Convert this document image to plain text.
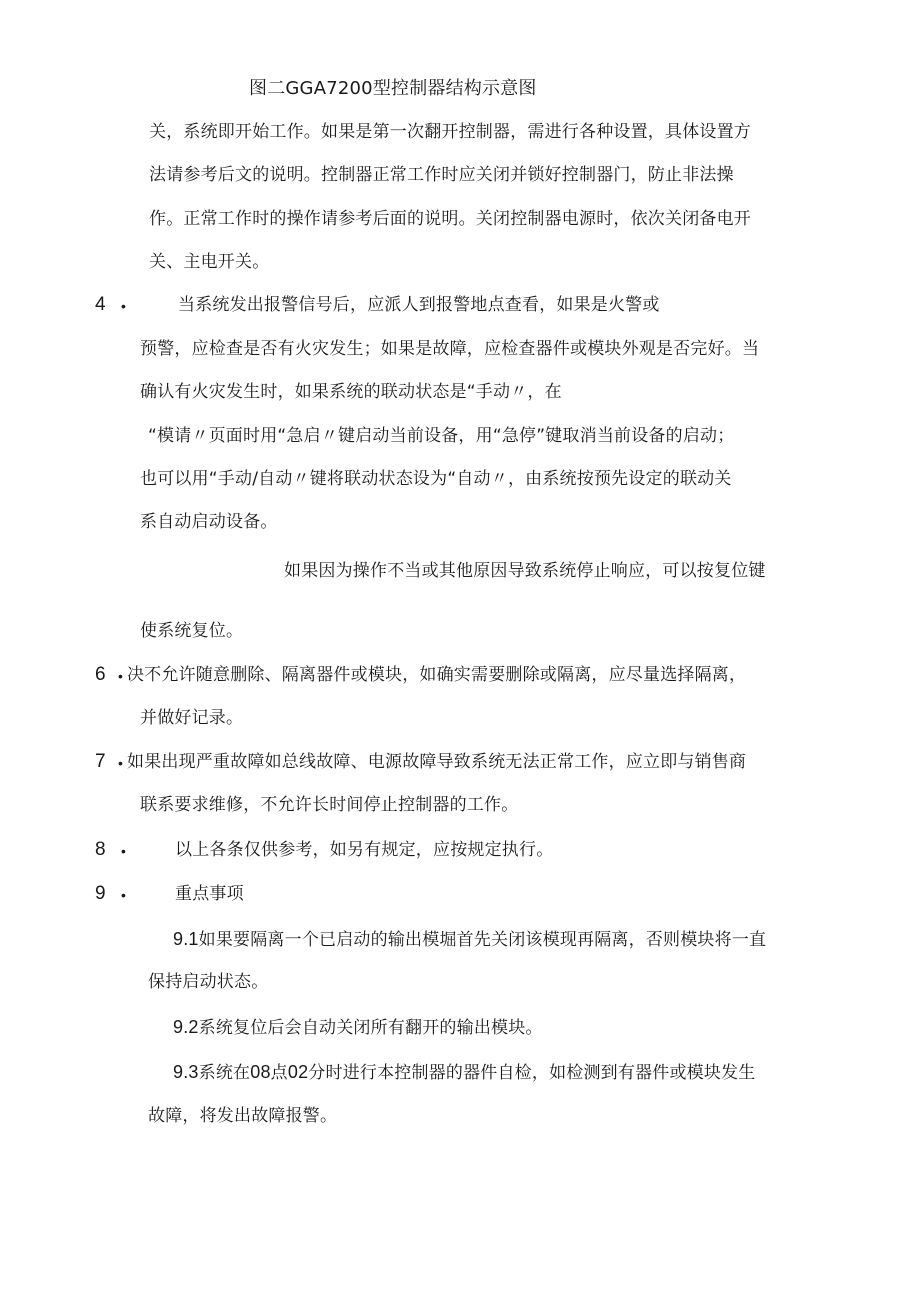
图二GGA7200型控制器结构示意图
关，系统即开始工作。如果是第一次翻开控制器，需进行各种设置，具体设置方
法请参考后文的说明。控制器正常工作时应关闭并锁好控制器门，防止非法操
作。正常工作时的操作请参考后面的说明。关闭控制器电源时，依次关闭备电开
关、主电开关。
4 •	当系统发出报警信号后，应派人到报警地点查看，如果是火警或
预警，应检查是否有火灾发生；如果是故障，应检查器件或模块外观是否完好。当
确认有火灾发生时，如果系统的联动状态是“手动〃，在
“模请〃页面时用“急启〃键启动当前设备，用“急停”键取消当前设备的启动；
也可以用“手动/自动〃键将联动状态设为“自动〃，由系统按预先设定的联动关
系自动启动设备。
如果因为操作不当或其他原因导致系统停止响应，可以按复位键
使系统复位。
6 • 决不允许随意删除、隔离器件或模块，如确实需要删除或隔离，应尽量选择隔离，
并做好记录。
7 • 如果出现严重故障如总线故障、电源故障导致系统无法正常工作，应立即与销售商
联系要求维修，不允许长时间停止控制器的工作。
8 •	以上各条仅供参考，如另有规定，应按规定执行。
9 •	重点事项
9.1如果要隔离一个已启动的输出模堀首先关闭该模现再隔离，否则模块将一直
保持启动状态。
9.2系统复位后会自动关闭所有翻开的输出模块。
9.3系统在08点02分时进行本控制器的器件自检，如检测到有器件或模块发生
故障，将发出故障报警。
